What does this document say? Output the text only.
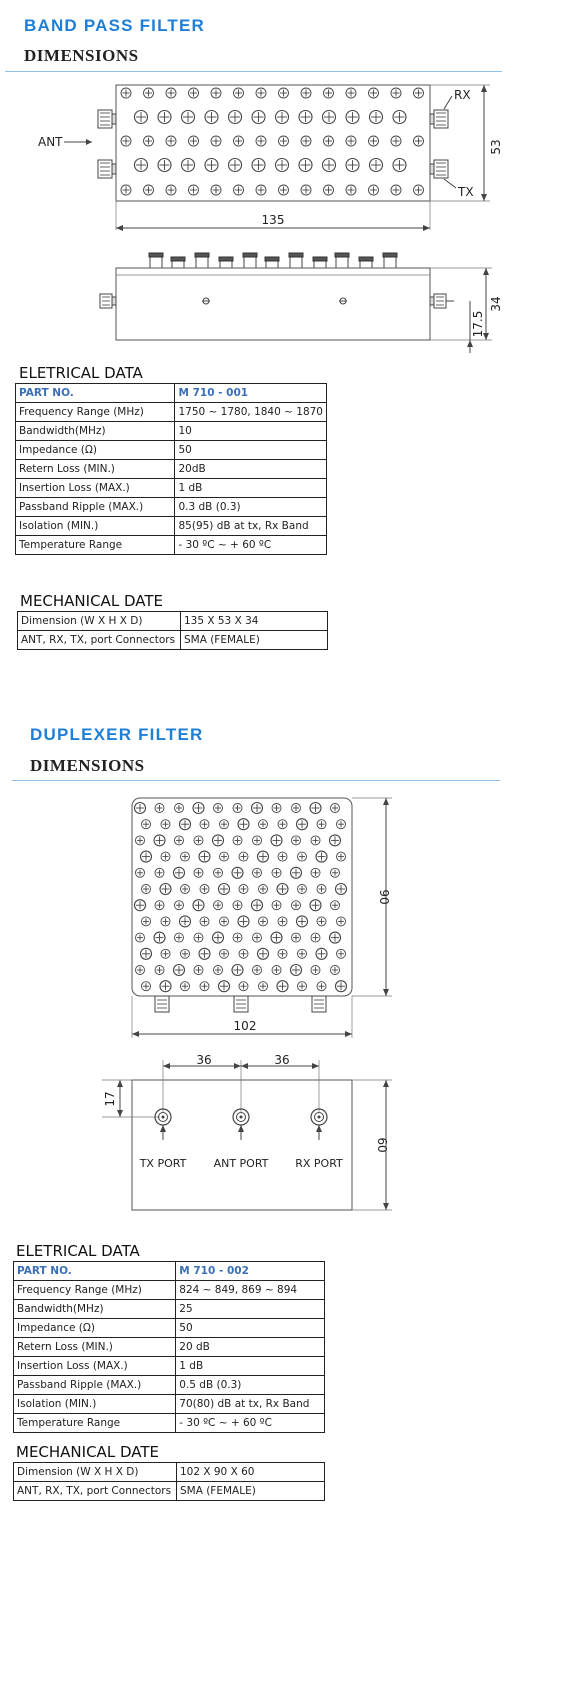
BAND PASS FILTER
DIMENSIONS
ANT
RX
TX
53
135
34
17.5
ELETRICAL DATA
PART NO.	M 710 - 001
Frequency Range (MHz)	1750 ~ 1780, 1840 ~ 1870
Bandwidth(MHz)	10
Impedance (Ω)	50
Retern Loss (MIN.)	20dB
Insertion Loss (MAX.)	1 dB
Passband Ripple (MAX.)	0.3 dB (0.3)
Isolation (MIN.)	85(95) dB at tx, Rx Band
Temperature Range	- 30 ºC ~ + 60 ºC
MECHANICAL DATE
Dimension (W X H X D)	135 X 53 X 34
ANT, RX, TX, port Connectors	SMA (FEMALE)
DUPLEXER FILTER
DIMENSIONS
90
102
36	36
17
TX PORT ANT PORT RX PORT
60
ELETRICAL DATA
PART NO.	M 710 - 002
Frequency Range (MHz)	824 ~ 849, 869 ~ 894
Bandwidth(MHz)	25
Impedance (Ω)	50
Retern Loss (MIN.)	20 dB
Insertion Loss (MAX.)	1 dB
Passband Ripple (MAX.)	0.5 dB (0.3)
Isolation (MIN.)	70(80) dB at tx, Rx Band
Temperature Range	- 30 ºC ~ + 60 ºC
MECHANICAL DATE
Dimension (W X H X D)	102 X 90 X 60
ANT, RX, TX, port Connectors	SMA (FEMALE)
